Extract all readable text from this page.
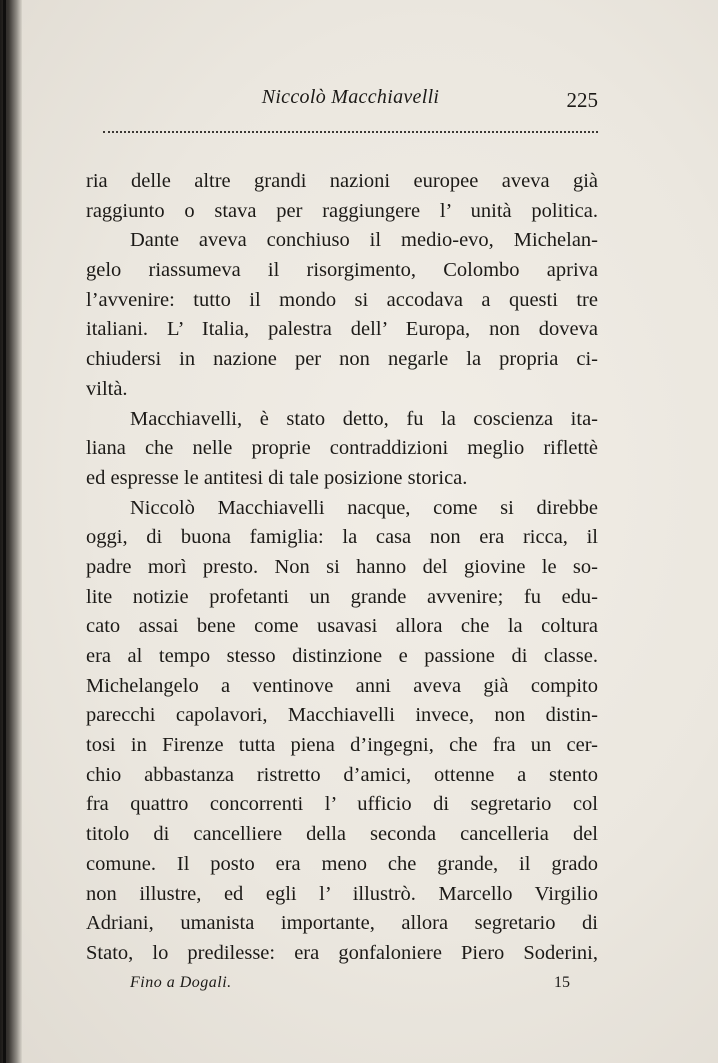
Niccolò Macchiavelli	225
ria delle altre grandi nazioni europee aveva già
raggiunto o stava per raggiungere l’ unità politica.
Dante aveva conchiuso il medio-evo, Michelan-
gelo riassumeva il risorgimento, Colombo apriva
l’avvenire: tutto il mondo si accodava a questi tre
italiani. L’ Italia, palestra dell’ Europa, non doveva
chiudersi in nazione per non negarle la propria ci-
viltà.
Macchiavelli, è stato detto, fu la coscienza ita-
liana che nelle proprie contraddizioni meglio riflettè
ed espresse le antitesi di tale posizione storica.
Niccolò Macchiavelli nacque, come si direbbe
oggi, di buona famiglia: la casa non era ricca, il
padre morì presto. Non si hanno del giovine le so-
lite notizie profetanti un grande avvenire; fu edu-
cato assai bene come usavasi allora che la coltura
era al tempo stesso distinzione e passione di classe.
Michelangelo a ventinove anni aveva già compito
parecchi capolavori, Macchiavelli invece, non distin-
tosi in Firenze tutta piena d’ingegni, che fra un cer-
chio abbastanza ristretto d’amici, ottenne a stento
fra quattro concorrenti l’ ufficio di segretario col
titolo di cancelliere della seconda cancelleria del
comune. Il posto era meno che grande, il grado
non illustre, ed egli l’ illustrò. Marcello Virgilio
Adriani, umanista importante, allora segretario di
Stato, lo predilesse: era gonfaloniere Piero Soderini,
Fino a Dogali.	15
